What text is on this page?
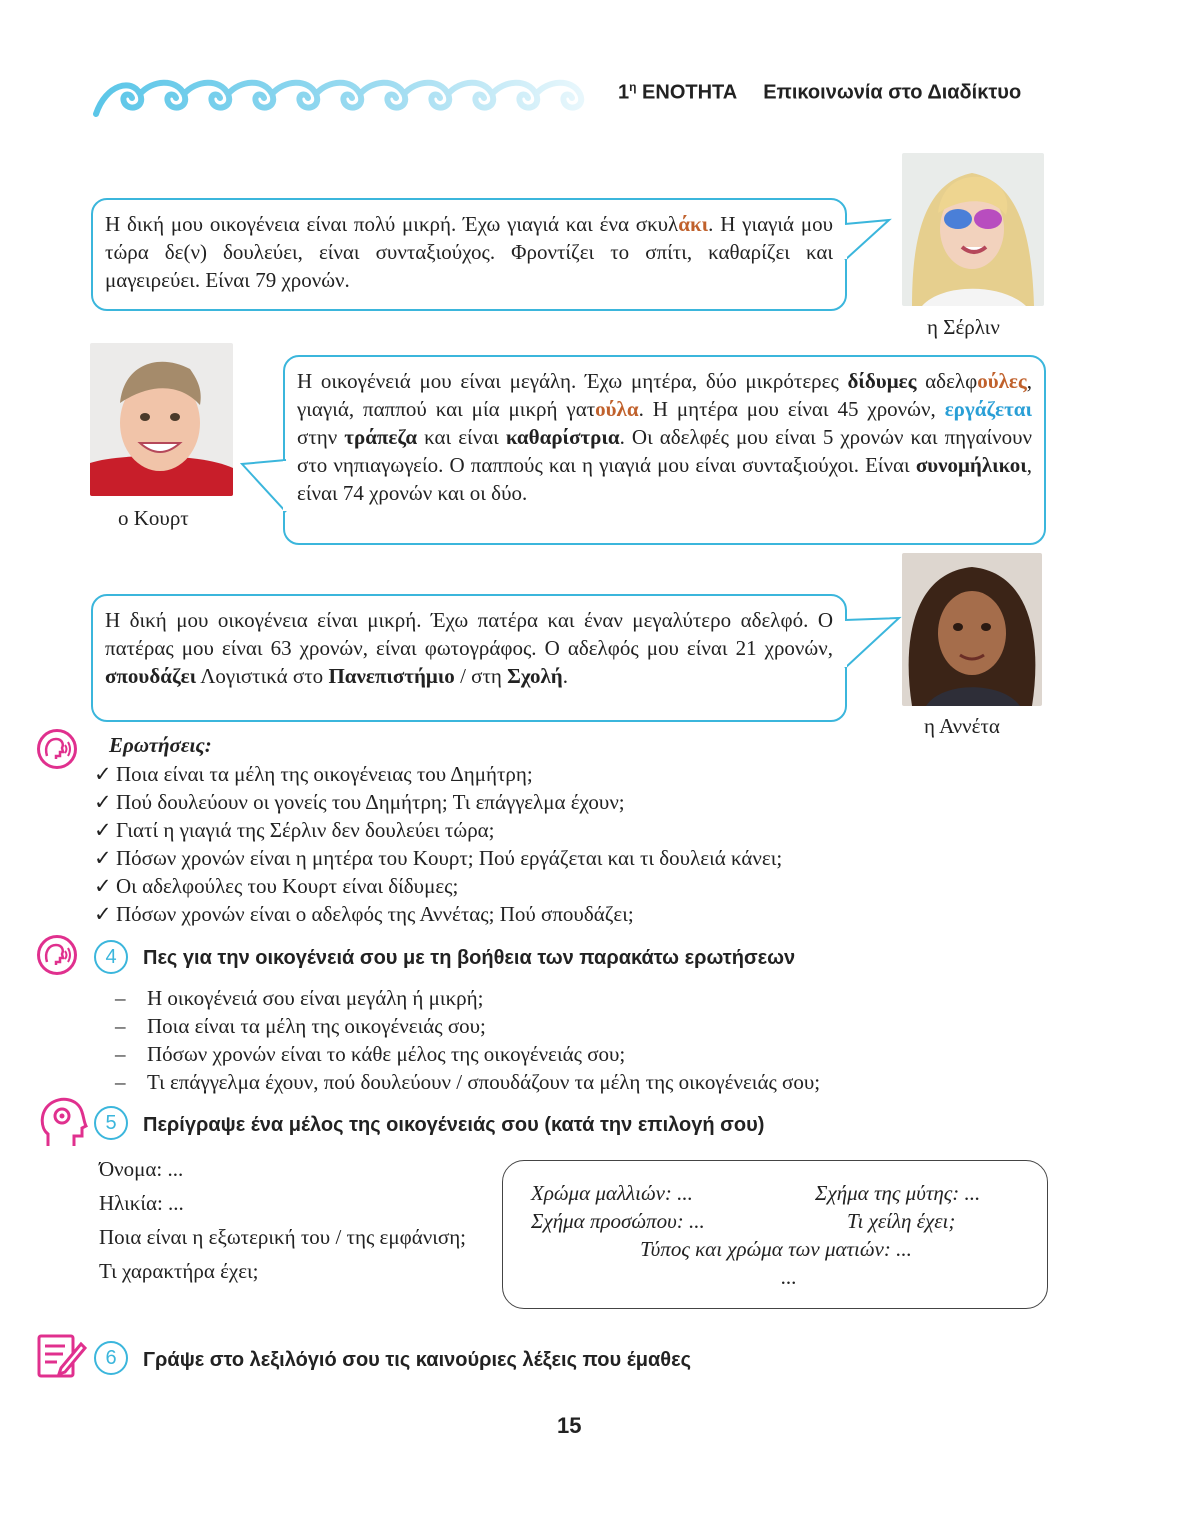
$1^\eta$ ΕΝΟΤΗΤΑ Επικοινωνία στο Διαδίκτυο
Η δική μου οικογένεια είναι πολύ μικρή. Έχω γιαγιά και ένα σκυλάκι. Η γιαγιά μου τώρα δε(ν) δουλεύει, είναι συνταξιούχος. Φροντίζει το σπίτι, καθαρίζει και μαγειρεύει. Είναι 79 χρονών.
η Σέρλιν
ο Κουρτ
Η οικογένειά μου είναι μεγάλη. Έχω μητέρα, δύο μικρότερες δίδυμες αδελφούλες, γιαγιά, παππού και μία μικρή γατούλα. Η μητέρα μου είναι 45 χρονών, εργάζεται στην τράπεζα και είναι καθαρίστρια. Οι αδελφές μου είναι 5 χρονών και πηγαίνουν στο νηπιαγωγείο. Ο παππούς και η γιαγιά μου είναι συνταξιούχοι. Είναι συνομήλικοι, είναι 74 χρονών και οι δύο.
Η δική μου οικογένεια είναι μικρή. Έχω πατέρα και έναν μεγαλύτερο αδελφό. Ο πατέρας μου είναι 63 χρονών, είναι φωτογράφος. Ο αδελφός μου είναι 21 χρονών, σπουδάζει Λογιστικά στο Πανεπιστήμιο / στη Σχολή.
η Αννέτα
Ερωτήσεις:
✓ Ποια είναι τα μέλη της οικογένειας του Δημήτρη;
✓ Πού δουλεύουν οι γονείς του Δημήτρη; Τι επάγγελμα έχουν;
✓ Γιατί η γιαγιά της Σέρλιν δεν δουλεύει τώρα;
✓ Πόσων χρονών είναι η μητέρα του Κουρτ; Πού εργάζεται και τι δουλειά κάνει;
✓ Οι αδελφούλες του Κουρτ είναι δίδυμες;
✓ Πόσων χρονών είναι ο αδελφός της Αννέτας; Πού σπουδάζει;
4	Πες για την οικογένειά σου με τη βοήθεια των παρακάτω ερωτήσεων
– Η οικογένειά σου είναι μεγάλη ή μικρή;
– Ποια είναι τα μέλη της οικογένειάς σου;
– Πόσων χρονών είναι το κάθε μέλος της οικογένειάς σου;
– Τι επάγγελμα έχουν, πού δουλεύουν / σπουδάζουν τα μέλη της οικογένειάς σου;
5	Περίγραψε ένα μέλος της οικογένειάς σου (κατά την επιλογή σου)
Όνομα: ...
Ηλικία: ...
Ποια είναι η εξωτερική του / της εμφάνιση;
Τι χαρακτήρα έχει;
Χρώμα μαλλιών: ...	Σχήμα της μύτης: ...
Σχήμα προσώπου: ...	Τι χείλη έχει;
Τύπος και χρώμα των ματιών: ...
...
6	Γράψε στο λεξιλόγιό σου τις καινούριες λέξεις που έμαθες
15
